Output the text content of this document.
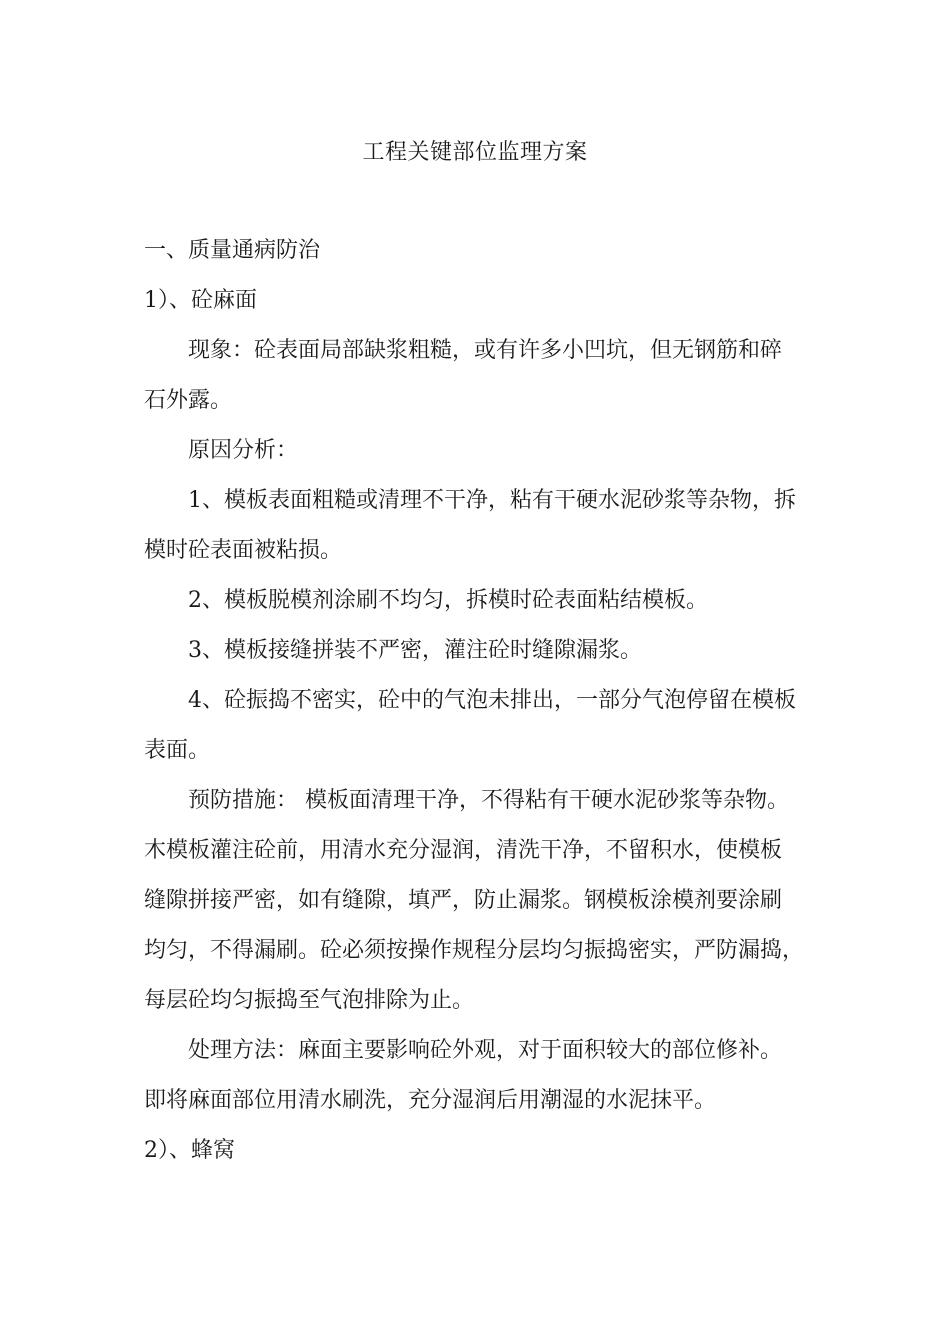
工程关键部位监理方案
一、质量通病防治
1）、砼麻面
现象：砼表面局部缺浆粗糙，或有许多小凹坑，但无钢筋和碎
石外露。
原因分析：
1、模板表面粗糙或清理不干净，粘有干硬水泥砂浆等杂物，拆
模时砼表面被粘损。
2、模板脱模剂涂刷不均匀，拆模时砼表面粘结模板。
3、模板接缝拼装不严密，灌注砼时缝隙漏浆。
4、砼振捣不密实，砼中的气泡未排出，一部分气泡停留在模板
表面。
预防措施： 模板面清理干净，不得粘有干硬水泥砂浆等杂物。
木模板灌注砼前，用清水充分湿润，清洗干净，不留积水，使模板
缝隙拼接严密，如有缝隙，填严，防止漏浆。钢模板涂模剂要涂刷
均匀，不得漏刷。砼必须按操作规程分层均匀振捣密实，严防漏捣，
每层砼均匀振捣至气泡排除为止。
处理方法：麻面主要影响砼外观，对于面积较大的部位修补。
即将麻面部位用清水刷洗，充分湿润后用潮湿的水泥抹平。
2）、蜂窝
